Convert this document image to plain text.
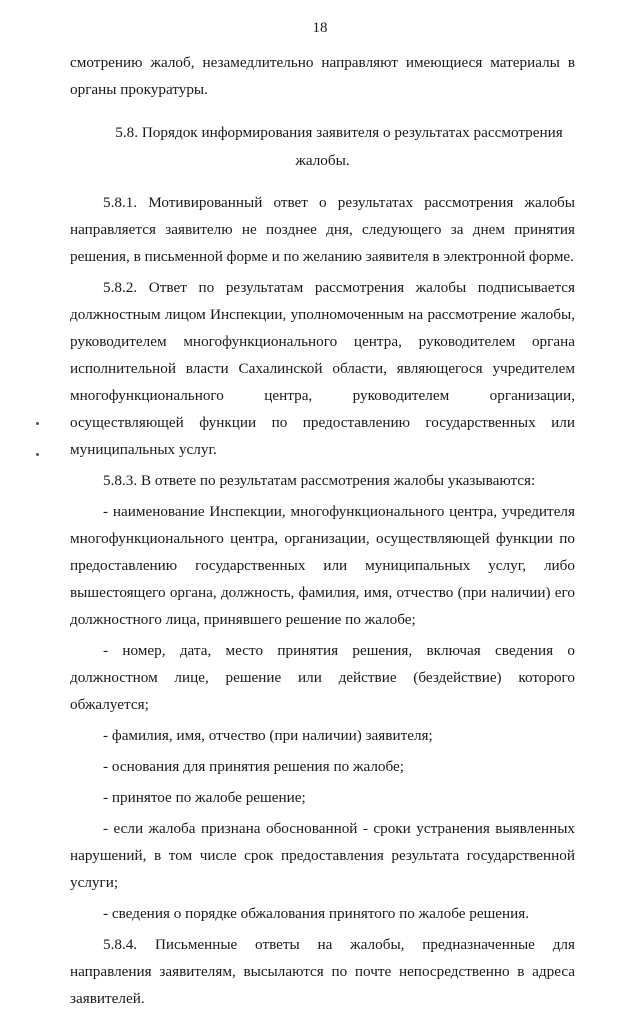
18

смотрению жалоб, незамедлительно направляют имеющиеся материалы в органы прокуратуры.

5.8. Порядок информирования заявителя о результатах рассмотрения жалобы.

5.8.1. Мотивированный ответ о результатах рассмотрения жалобы направляется заявителю не позднее дня, следующего за днем принятия решения, в письменной форме и по желанию заявителя в электронной форме.

5.8.2. Ответ по результатам рассмотрения жалобы подписывается должностным лицом Инспекции, уполномоченным на рассмотрение жалобы, руководителем многофункционального центра, руководителем органа исполнительной власти Сахалинской области, являющегося учредителем многофункционального центра, руководителем организации, осуществляющей функции по предоставлению государственных или муниципальных услуг.

5.8.3. В ответе по результатам рассмотрения жалобы указываются:

- наименование Инспекции, многофункционального центра, учредителя многофункционального центра, организации, осуществляющей функции по предоставлению государственных или муниципальных услуг, либо вышестоящего органа, должность, фамилия, имя, отчество (при наличии) его должностного лица, принявшего решение по жалобе;

- номер, дата, место принятия решения, включая сведения о должностном лице, решение или действие (бездействие) которого обжалуется;

- фамилия, имя, отчество (при наличии) заявителя;

- основания для принятия решения по жалобе;

- принятое по жалобе решение;

- если жалоба признана обоснованной - сроки устранения выявленных нарушений, в том числе срок предоставления результата государственной услуги;

- сведения о порядке обжалования принятого по жалобе решения.

5.8.4. Письменные ответы на жалобы, предназначенные для направления заявителям, высылаются по почте непосредственно в адреса заявителей.
